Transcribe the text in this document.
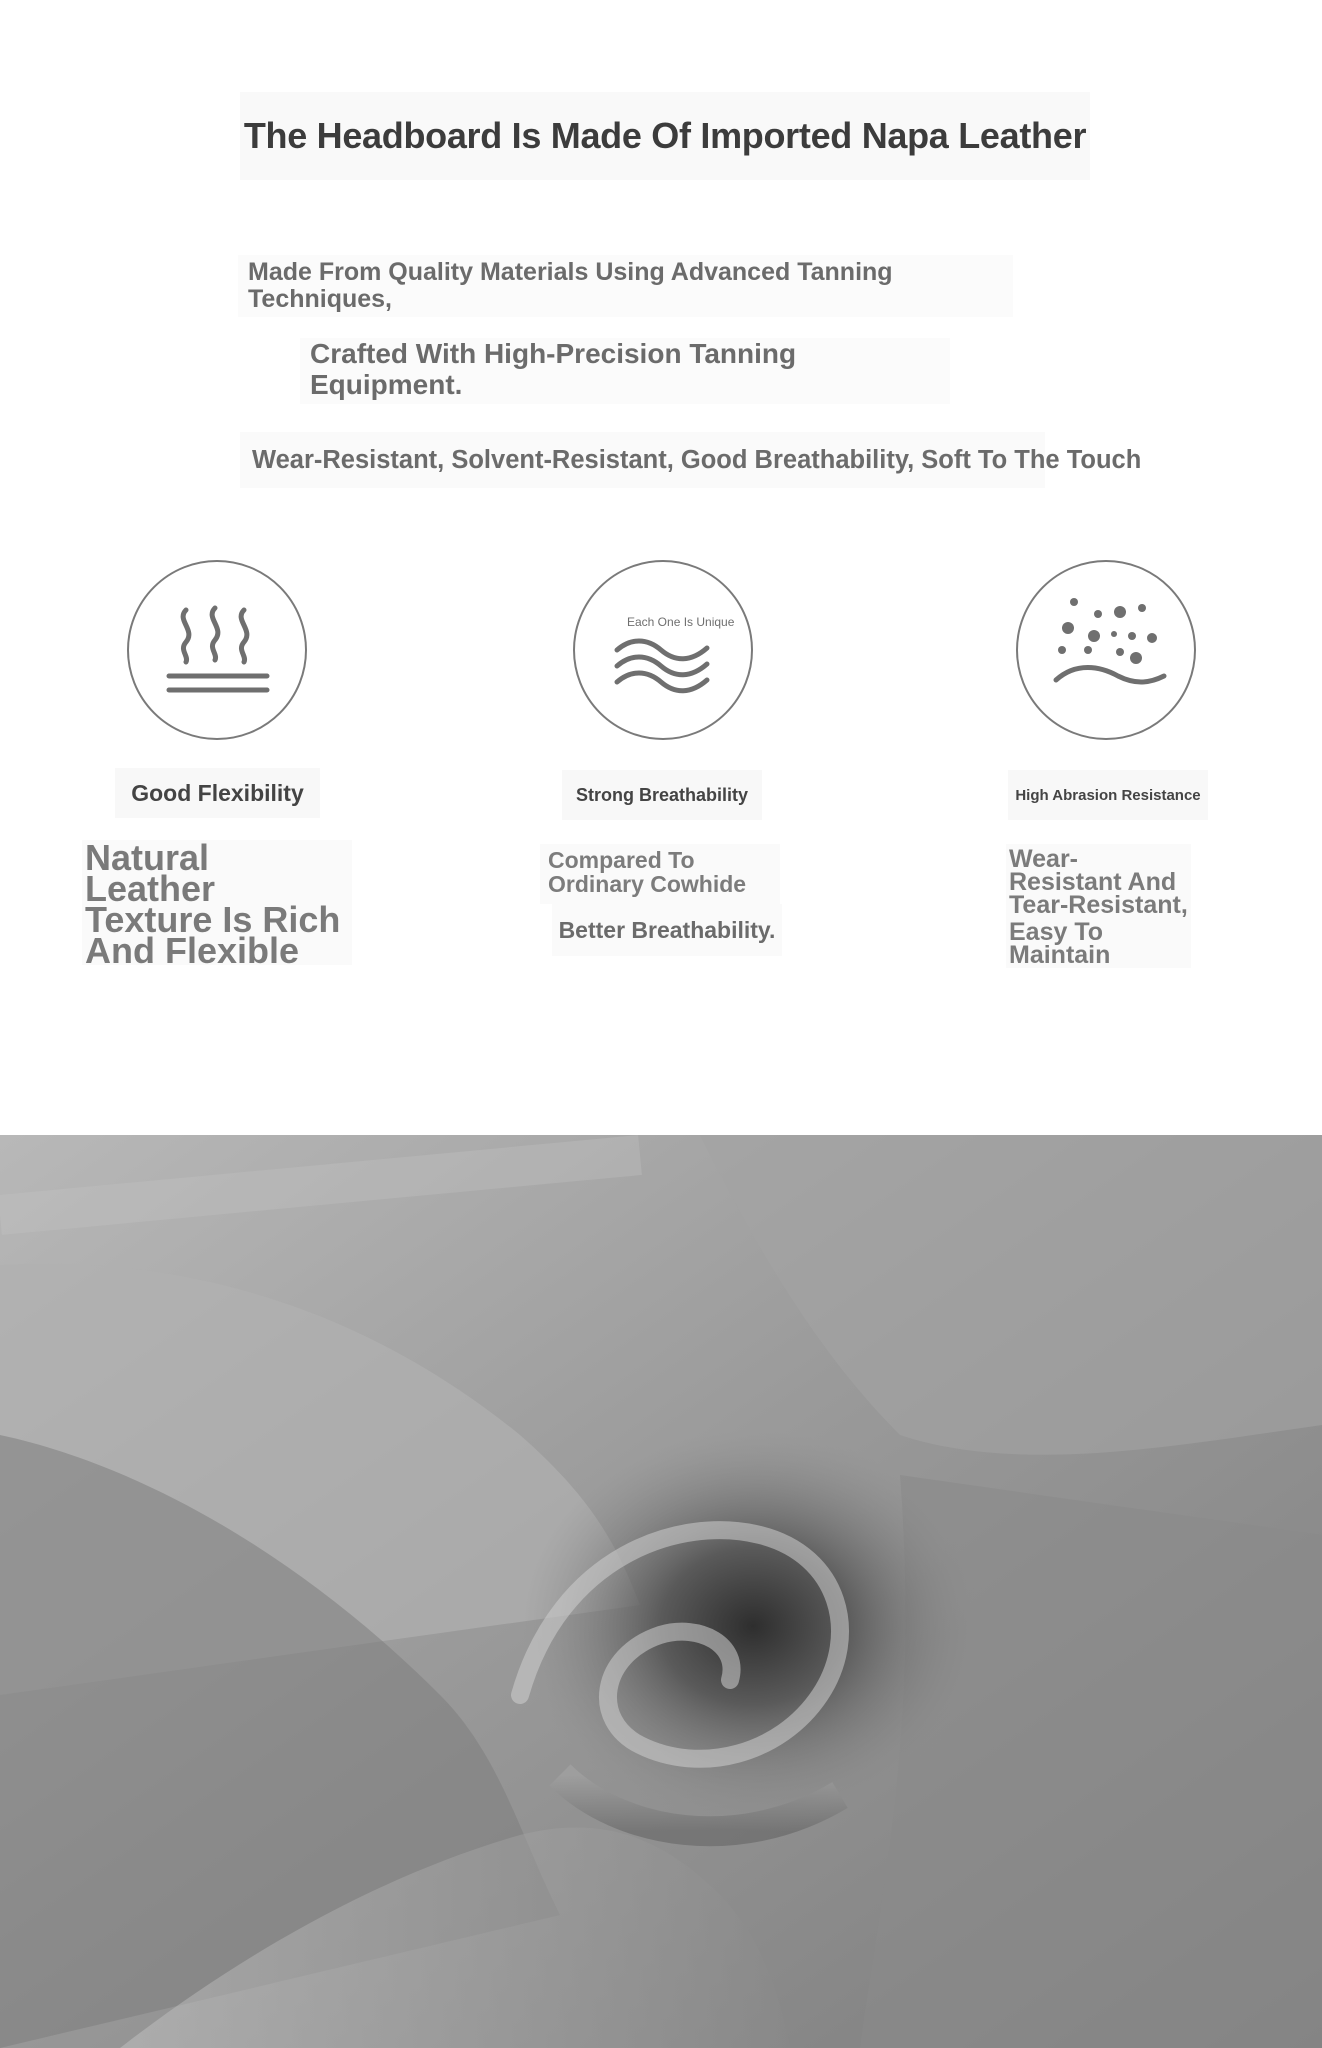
The Headboard Is Made Of Imported Napa Leather
Made From Quality Materials Using Advanced Tanning Techniques,
Crafted With High-Precision Tanning Equipment.
Wear-Resistant, Solvent-Resistant, Good Breathability, Soft To The Touch
Each One Is Unique
Good Flexibility	Strong Breathability	High Abrasion Resistance
Natural Leather Texture Is Rich And Flexible
Compared To Ordinary Cowhide
Better Breathability.
Wear-Resistant And Tear-Resistant,
Easy To Maintain
